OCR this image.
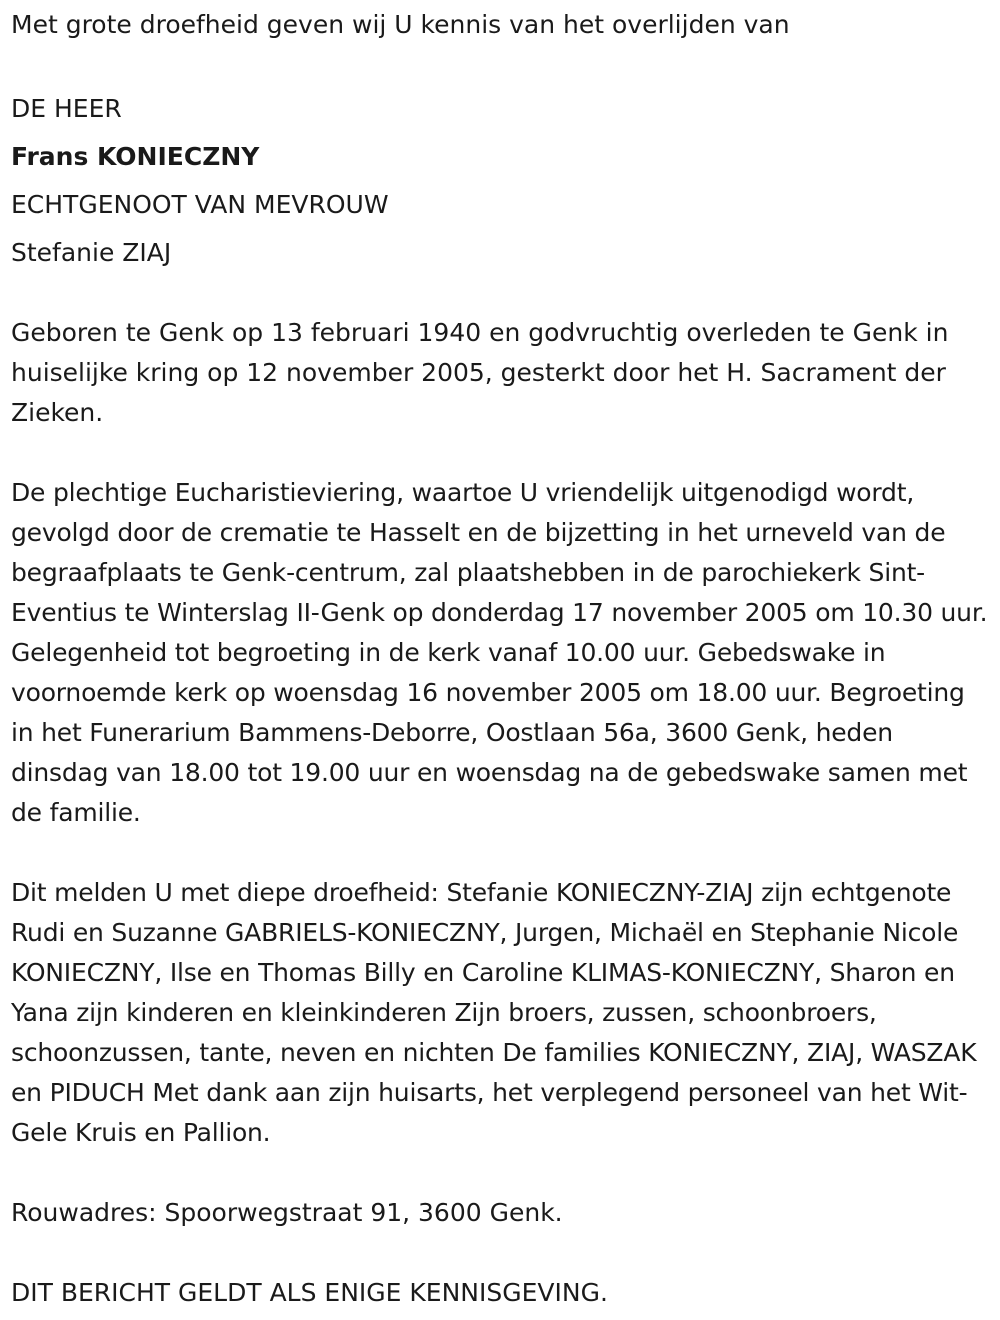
Met grote droefheid geven wij U kennis van het overlijden van

DE HEER

Frans KONIECZNY

ECHTGENOOT VAN MEVROUW

Stefanie ZIAJ

Geboren te Genk op 13 februari 1940 en godvruchtig overleden te Genk in huiselijke kring op 12 november 2005, gesterkt door het H. Sacrament der Zieken.

De plechtige Eucharistieviering, waartoe U vriendelijk uitgenodigd wordt, gevolgd door de crematie te Hasselt en de bijzetting in het urneveld van de begraafplaats te Genk-centrum, zal plaatshebben in de parochiekerk Sint-Eventius te Winterslag II-Genk op donderdag 17 november 2005 om 10.30 uur. Gelegenheid tot begroeting in de kerk vanaf 10.00 uur. Gebedswake in voornoemde kerk op woensdag 16 november 2005 om 18.00 uur. Begroeting in het Funerarium Bammens-Deborre, Oostlaan 56a, 3600 Genk, heden dinsdag van 18.00 tot 19.00 uur en woensdag na de gebedswake samen met de familie.

Dit melden U met diepe droefheid: Stefanie KONIECZNY-ZIAJ zijn echtgenote Rudi en Suzanne GABRIELS-KONIECZNY, Jurgen, Michaël en Stephanie Nicole KONIECZNY, Ilse en Thomas Billy en Caroline KLIMAS-KONIECZNY, Sharon en Yana zijn kinderen en kleinkinderen Zijn broers, zussen, schoonbroers, schoonzussen, tante, neven en nichten De families KONIECZNY, ZIAJ, WASZAK en PIDUCH Met dank aan zijn huisarts, het verplegend personeel van het Wit-Gele Kruis en Pallion.

Rouwadres: Spoorwegstraat 91, 3600 Genk.

DIT BERICHT GELDT ALS ENIGE KENNISGEVING.
